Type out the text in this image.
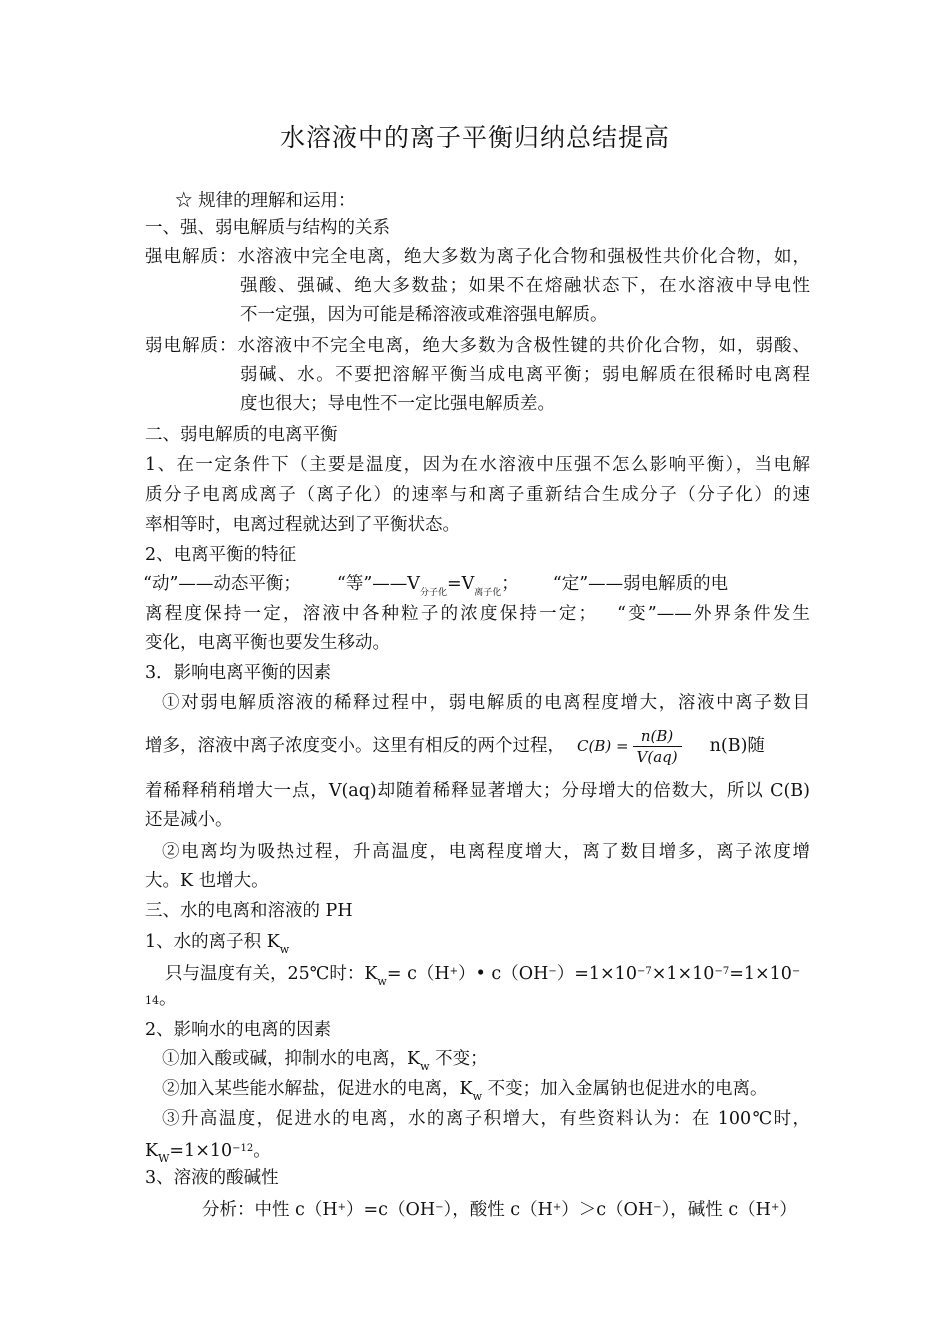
水溶液中的离子平衡归纳总结提高
☆ 规律的理解和运用：
一、强、弱电解质与结构的关系
强电解质：水溶液中完全电离，绝大多数为离子化合物和强极性共价化合物，如，
强酸、强碱、绝大多数盐；如果不在熔融状态下，在水溶液中导电性
不一定强，因为可能是稀溶液或难溶强电解质。
弱电解质：水溶液中不完全电离，绝大多数为含极性键的共价化合物，如，弱酸、
弱碱、水。不要把溶解平衡当成电离平衡；弱电解质在很稀时电离程
度也很大；导电性不一定比强电解质差。
二、弱电解质的电离平衡
1、在一定条件下（主要是温度，因为在水溶液中压强不怎么影响平衡），当电解
质分子电离成离子（离子化）的速率与和离子重新结合生成分子（分子化）的速
率相等时，电离过程就达到了平衡状态。
2、电离平衡的特征
“动”——动态平衡； “等$”——V_{分子化}=V_{离子化}$； “定”——弱电解质的电
离程度保持一定，溶液中各种粒子的浓度保持一定；　 “变”——外界条件发生
变化，电离平衡也要发生移动。
3．影响电离平衡的因素
①对弱电解质溶液的稀释过程中，弱电解质的电离程度增大，溶液中离子数目
增多，溶液中离子浓度变小。这里有相反的两个过程， $C(B) = \frac{n(B)}{V(aq)} n(B)$随
着稀释稍稍增大一点，V(aq)却随着稀释显著增大；分母增大的倍数大，所以 C(B)
还是减小。
②电离均为吸热过程，升高温度，电离程度增大，离了数目增多，离子浓度增
大。K 也增大。
三、水的电离和溶液的 PH
1、水的离子积 $K_w$
只与温度有关，25℃时：$K_w=$ c（H+）• $c(OH^-)=1\times 10^{-7}\times 1\times 10^{-7}=1\times 10^-$
14。
2、影响水的电离的因素
①加入酸或碱，抑制水的电离，$K_w$ 不变；
②加入某些能水解盐，促进水的电离，$K_w$ 不变；加入金属钠也促进水的电离。
③升高温度，促进水的电离，水的离子积增大，有些资料认为：在 100℃时，
$K_W=1\times 10^{-12}$。
3、溶液的酸碱性
分析：中性 c（H+）=c（OH−），酸性 c（H+）＞c（OH−），碱性 c（H+）
